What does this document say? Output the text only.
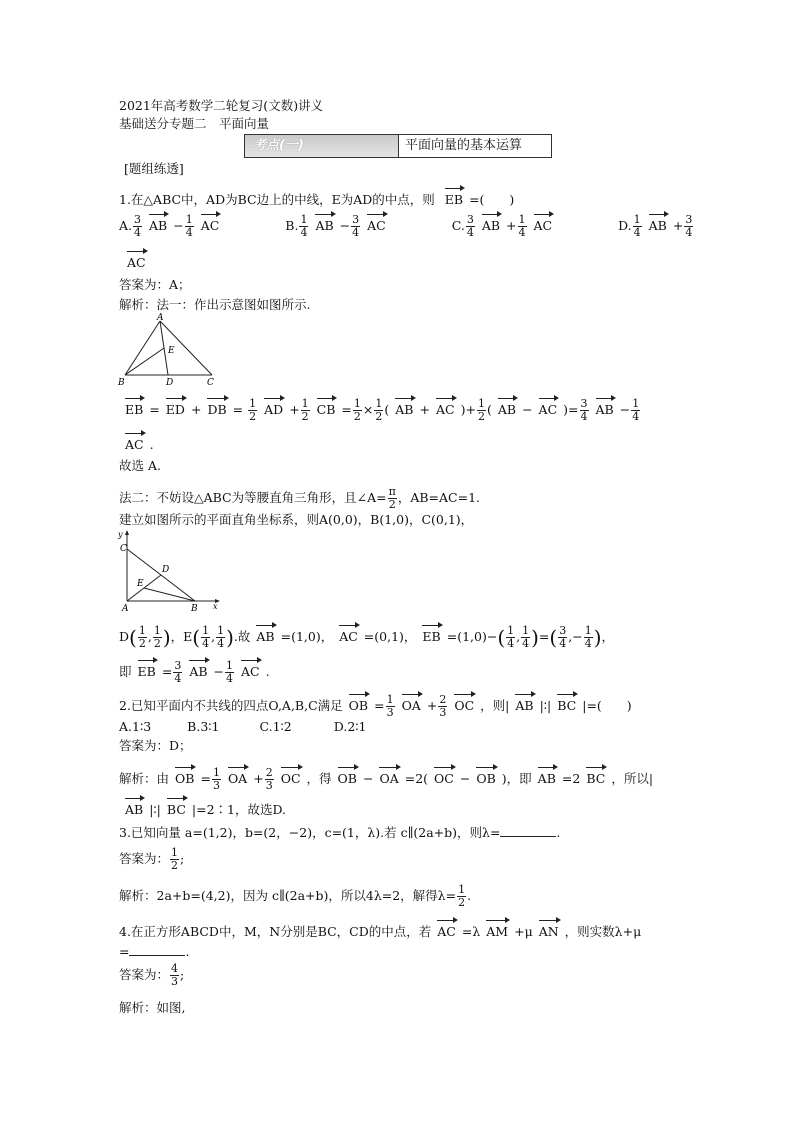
2021年高考数学二轮复习(文数)讲义
基础送分专题二　平面向量
考点(一)	平面向量的基本运算
[题组练透]
1.在△ABC中，AD为BC边上的中线，E为AD的中点，则 EB =(　　)
A. $\frac{3}{4}$ AB − $\frac{1}{4}$ AC	B. $\frac{1}{4}$ AB − $\frac{3}{4}$ AC	C. $\frac{3}{4}$ AB + $\frac{1}{4}$ AC	D. $\frac{1}{4}$ AB + $\frac{3}{4}$
AC
答案为：A；
解析：法一：作出示意图如图所示.
A
B	C
D
E
EB = ED + DB = $\frac{1}{2}$ AD + $\frac{1}{2}$ CB = $\frac{1}{2} \times \frac{1}{2}$ ( AB + AC )+ $\frac{1}{2}$ ( AB − AC )= $\frac{3}{4}$ AB − $\frac{1}{4}$
AC .
故选 A.
法二：不妨设△ABC为等腰直角三角形，且∠A= $\frac{\pi}{2}$ ，AB=AC=1.
建立如图所示的平面直角坐标系，则A(0,0)，B(1,0)，C(0,1)，
y
x
C
D
E
A	B
$D( \frac{1}{2}$ , $\frac{1}{2}$ )，$E( \frac{1}{4}$ , $\frac{1}{4}$ ).故 AB =(1,0)， AC =(0,1)， EB $=(1,0)-( \frac{1}{4}$ , $\frac{1}{4}$ )=( $\frac{3}{4}$ ,− $\frac{1}{4}$ )，
即 EB = $\frac{3}{4}$ AB − $\frac{1}{4}$ AC .
2.已知平面内不共线的四点O,A,B,C满足 OB = $\frac{1}{3}$ OA + $\frac{2}{3}$ OC ，则| AB |∶| BC |=(　　)
A.1∶3	B.3∶1	C.1∶2	D.2∶1
答案为：D；
解析：由 OB = $\frac{1}{3}$ OA + $\frac{2}{3}$ OC ，得 OB − OA =2( OC − OB )，即 AB =2 BC ，所以|
AB |∶| BC |=2∶1，故选D.
3.已知向量 a=(1,2)，b=(2，−2)，c=(1，λ).若 c∥(2a+b)，则λ=	.
答案为： $\frac{1}{2}$ ;
解析：2a+b=(4,2)，因为 c∥(2a+b)，所以4λ=2，解得$\lambda= \frac{1}{2}$ .
4.在正方形ABCD中，M，N分别是BC，CD的中点，若 AC =λ AM +μ AN ，则实数λ+μ
=	.
答案为： $\frac{4}{3}$ ;
解析：如图,
